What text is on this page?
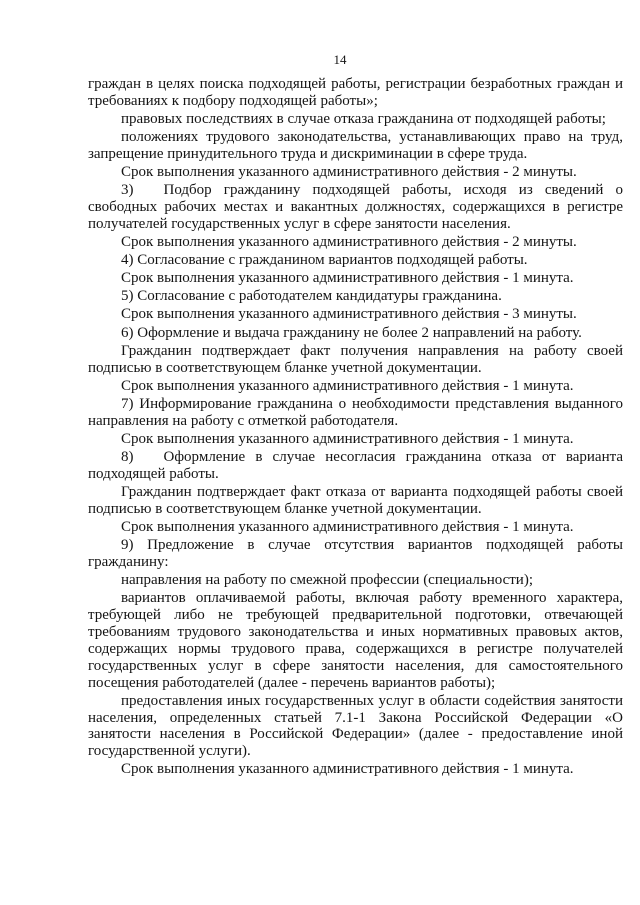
14

граждан в целях поиска подходящей работы, регистрации безработных граждан и требованиях к подбору подходящей работы»;

правовых последствиях в случае отказа гражданина от подходящей работы;

положениях трудового законодательства, устанавливающих право на труд, запрещение принудительного труда и дискриминации в сфере труда.

Срок выполнения указанного административного действия - 2 минуты.

3) Подбор гражданину подходящей работы, исходя из сведений о свободных рабочих местах и вакантных должностях, содержащихся в регистре получателей государственных услуг в сфере занятости населения.

Срок выполнения указанного административного действия - 2 минуты.

4) Согласование с гражданином вариантов подходящей работы.

Срок выполнения указанного административного действия - 1 минута.

5) Согласование с работодателем кандидатуры гражданина.

Срок выполнения указанного административного действия - 3 минуты.

6) Оформление и выдача гражданину не более 2 направлений на работу.

Гражданин подтверждает факт получения направления на работу своей подписью в соответствующем бланке учетной документации.

Срок выполнения указанного административного действия - 1 минута.

7) Информирование гражданина о необходимости представления выданного направления на работу с отметкой работодателя.

Срок выполнения указанного административного действия - 1 минута.

8) Оформление в случае несогласия гражданина отказа от варианта подходящей работы.

Гражданин подтверждает факт отказа от варианта подходящей работы своей подписью в соответствующем бланке учетной документации.

Срок выполнения указанного административного действия - 1 минута.

9) Предложение в случае отсутствия вариантов подходящей работы гражданину:

направления на работу по смежной профессии (специальности);

вариантов оплачиваемой работы, включая работу временного характера, требующей либо не требующей предварительной подготовки, отвечающей требованиям трудового законодательства и иных нормативных правовых актов, содержащих нормы трудового права, содержащихся в регистре получателей государственных услуг в сфере занятости населения, для самостоятельного посещения работодателей (далее - перечень вариантов работы);

предоставления иных государственных услуг в области содействия занятости населения, определенных статьей 7.1-1 Закона Российской Федерации «О занятости населения в Российской Федерации» (далее - предоставление иной государственной услуги).

Срок выполнения указанного административного действия - 1 минута.
